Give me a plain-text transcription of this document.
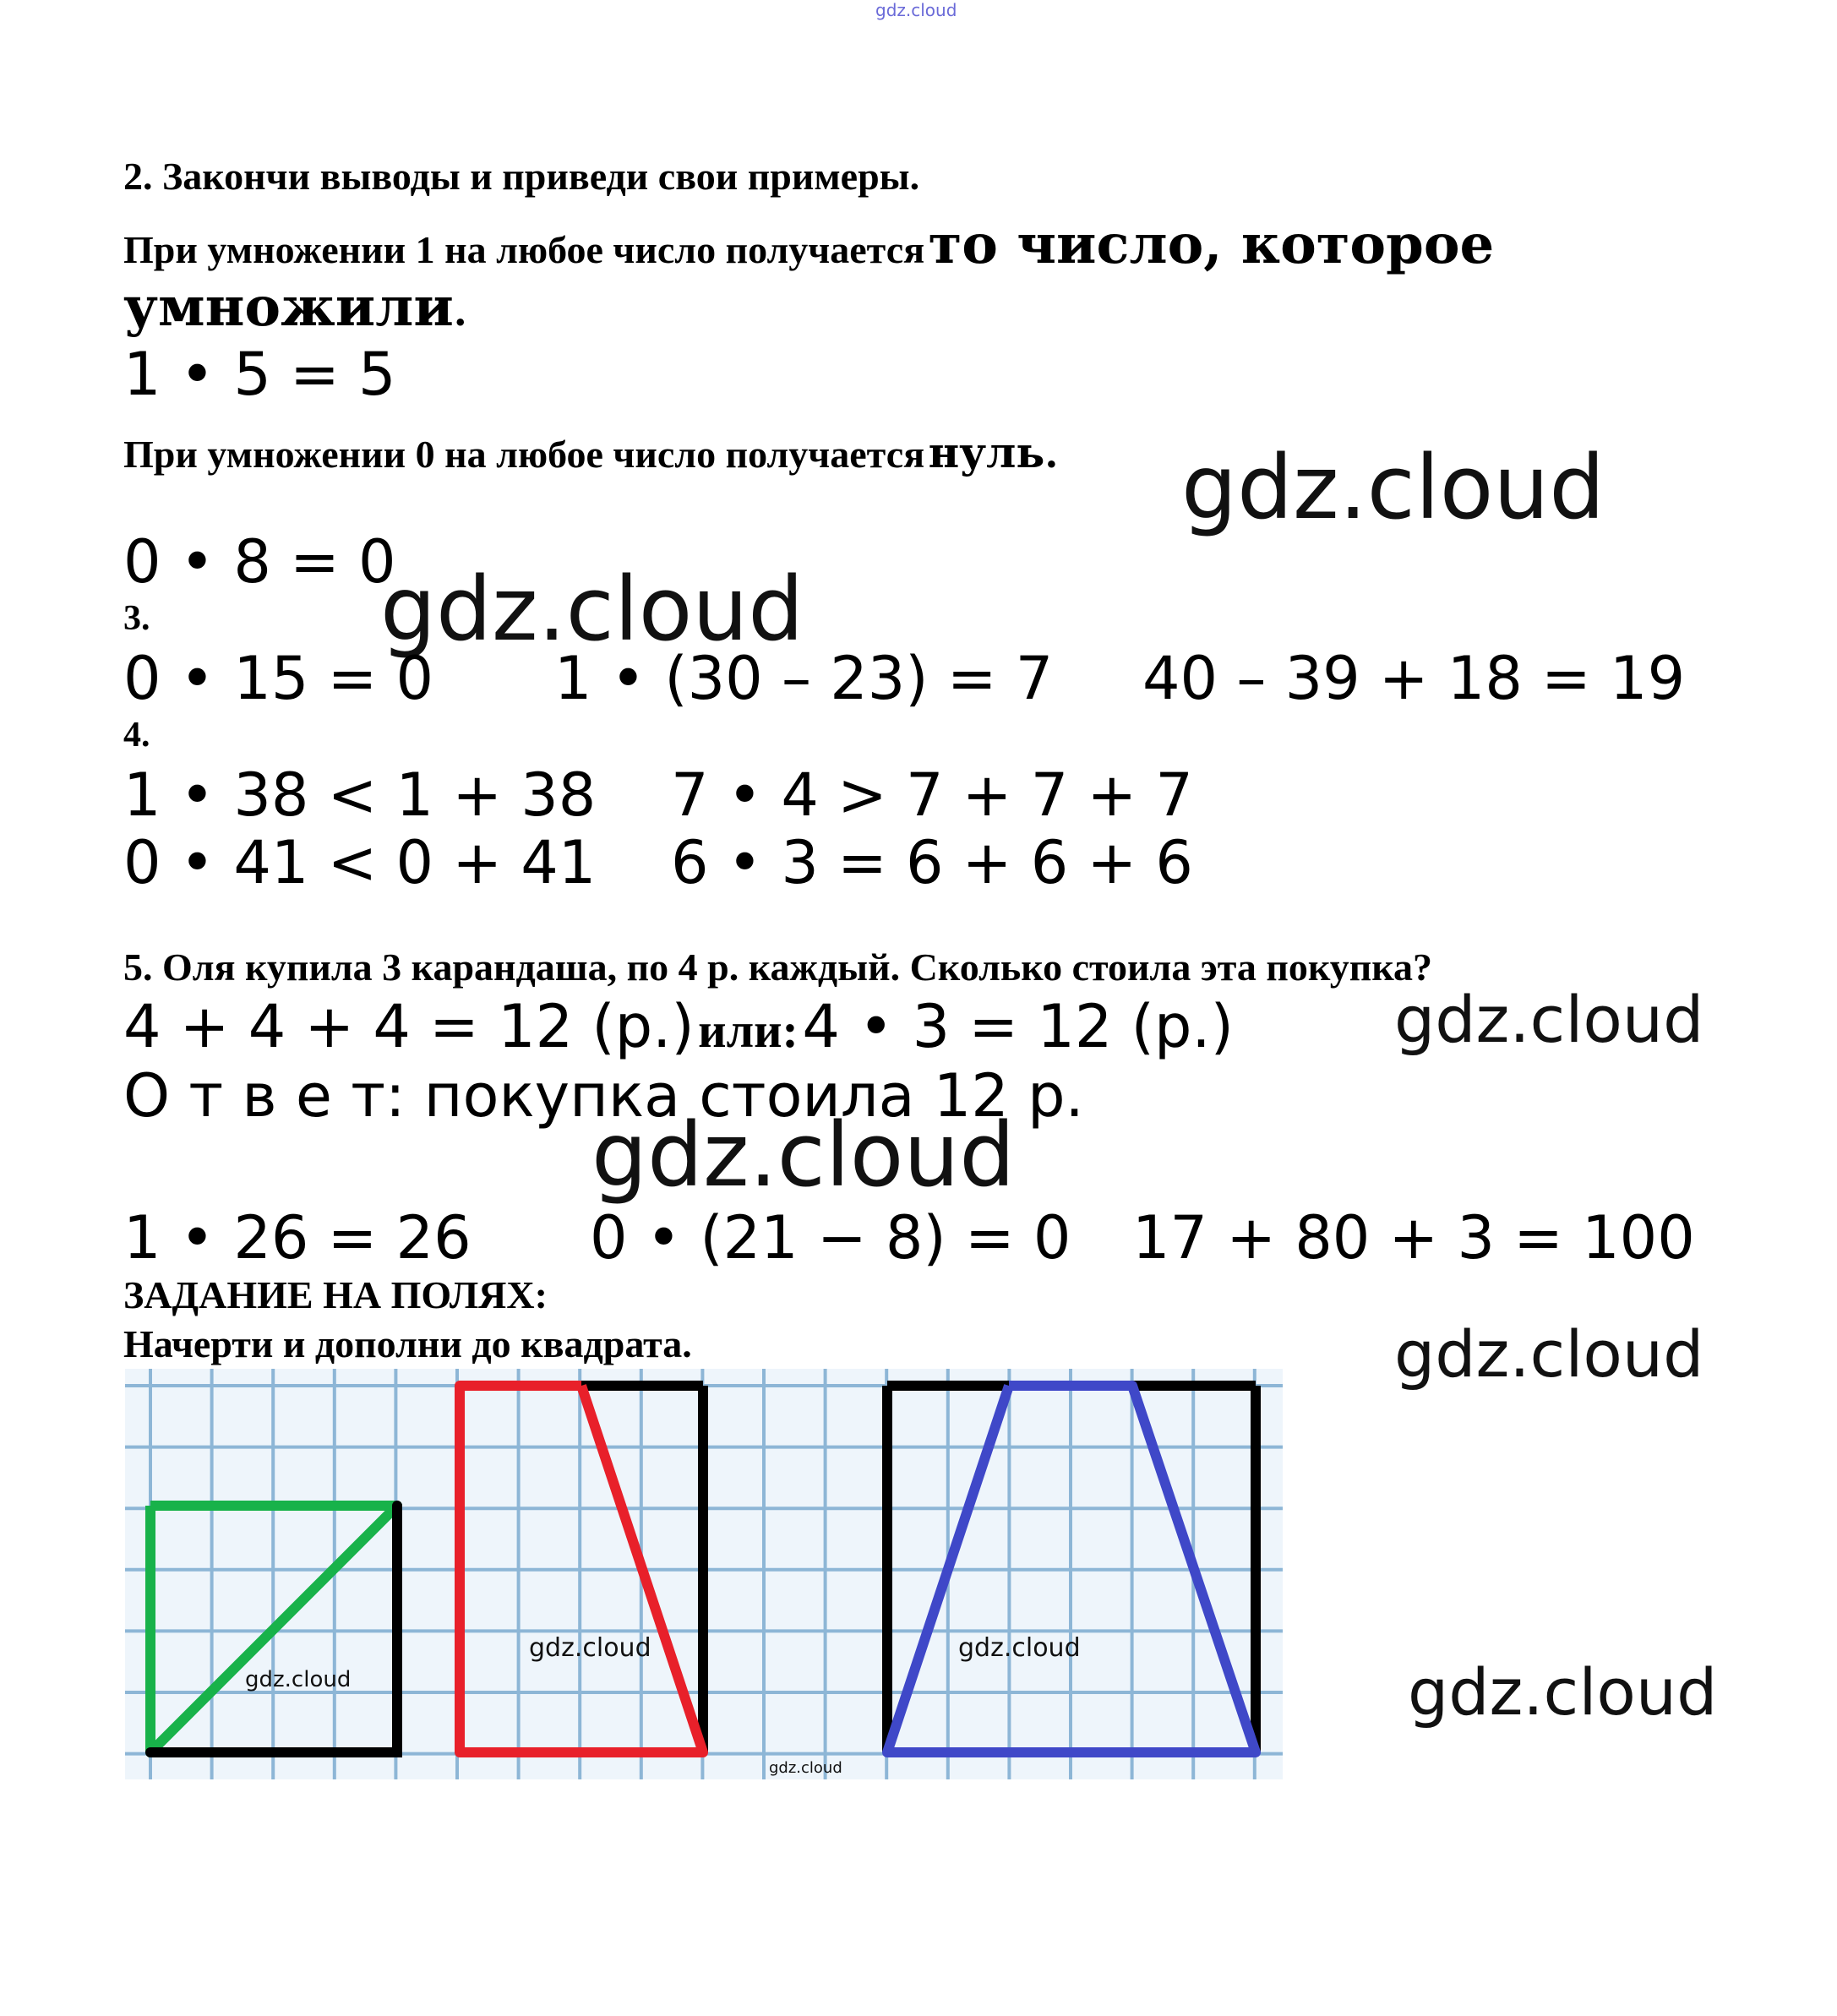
gdz.cloud
2. Закончи выводы и приведи свои примеры.
При умножении 1 на любое число получается то число, которое
умножили.
1 • 5 = 5
При умножении 0 на любое число получается нуль. gdz.cloud
0 • 8 = 0
gdz.cloud
3.
0 • 15 = 0 1 • (30 – 23) = 7 40 – 39 + 18 = 19
4.
1 • 38 < 1 + 38 7 • 4 > 7 + 7 + 7
0 • 41 < 0 + 41 6 • 3 = 6 + 6 + 6
5. Оля купила 3 карандаша, по 4 р. каждый. Сколько стоила эта покупка?
4 + 4 + 4 = 12 (р.) или: 4 • 3 = 12 (р.)	gdz.cloud
О т в е т: покупка стоила 12 р.
gdz.cloud
1 • 26 = 26 0 • (21 − 8) = 0 17 + 80 + 3 = 100
ЗАДАНИЕ НА ПОЛЯХ:
Начерти и дополни до квадрата.	gdz.cloud
gdz.cloud
gdz.cloud
gdz.cloud
gdz.cloud
gdz.cloud
